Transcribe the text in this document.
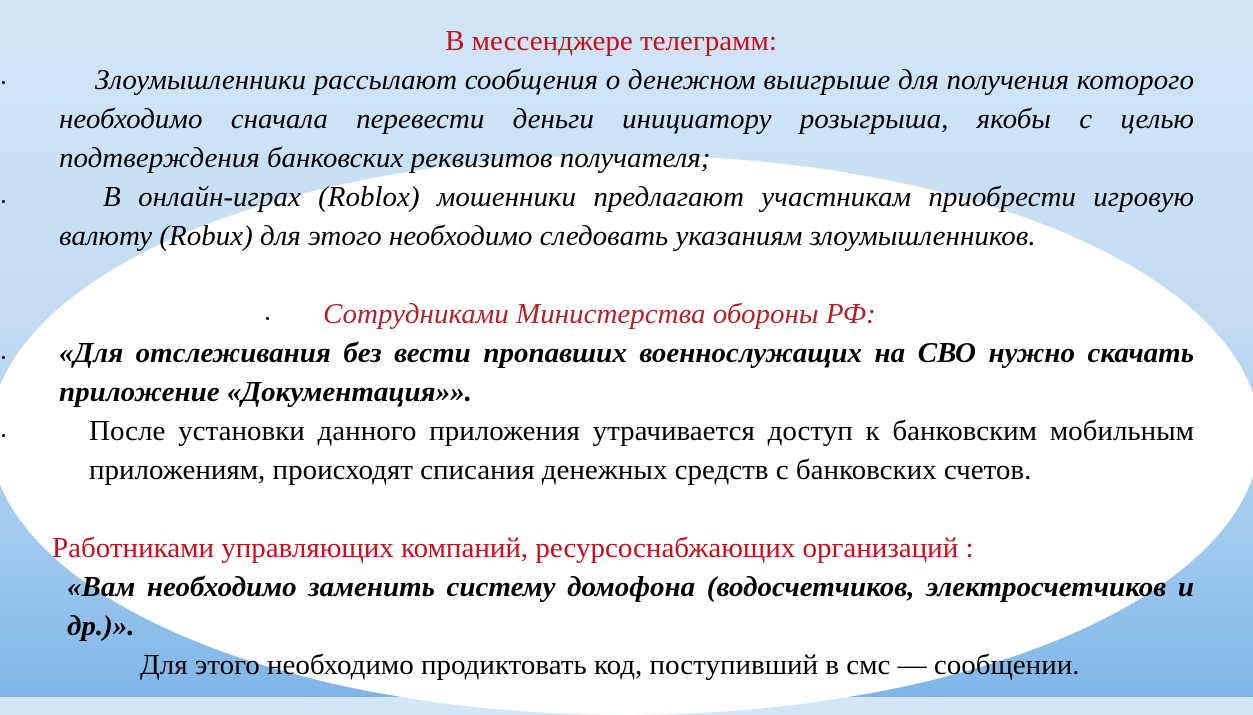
В мессенджере телеграмм:
Злоумышленники рассылают сообщения о денежном выигрыше для получения которого необходимо сначала перевести деньги инициатору розыгрыша, якобы с целью подтверждения банковских реквизитов получателя;
В онлайн-играх (Roblox) мошенники предлагают участникам приобрести игровую валюту (Robux) для этого необходимо следовать указаниям злоумышленников.
Сотрудниками Министерства обороны РФ:
«Для отслеживания без вести пропавших военнослужащих на СВО нужно скачать приложение «Документация»».
После установки данного приложения утрачивается доступ к банковским мобильным приложениям, происходят списания денежных средств с банковских счетов.
Работниками управляющих компаний, ресурсоснабжающих организаций :
«Вам необходимо заменить систему домофона (водосчетчиков, электросчетчиков и др.)».
Для этого необходимо продиктовать код, поступивший в смс — сообщении.
